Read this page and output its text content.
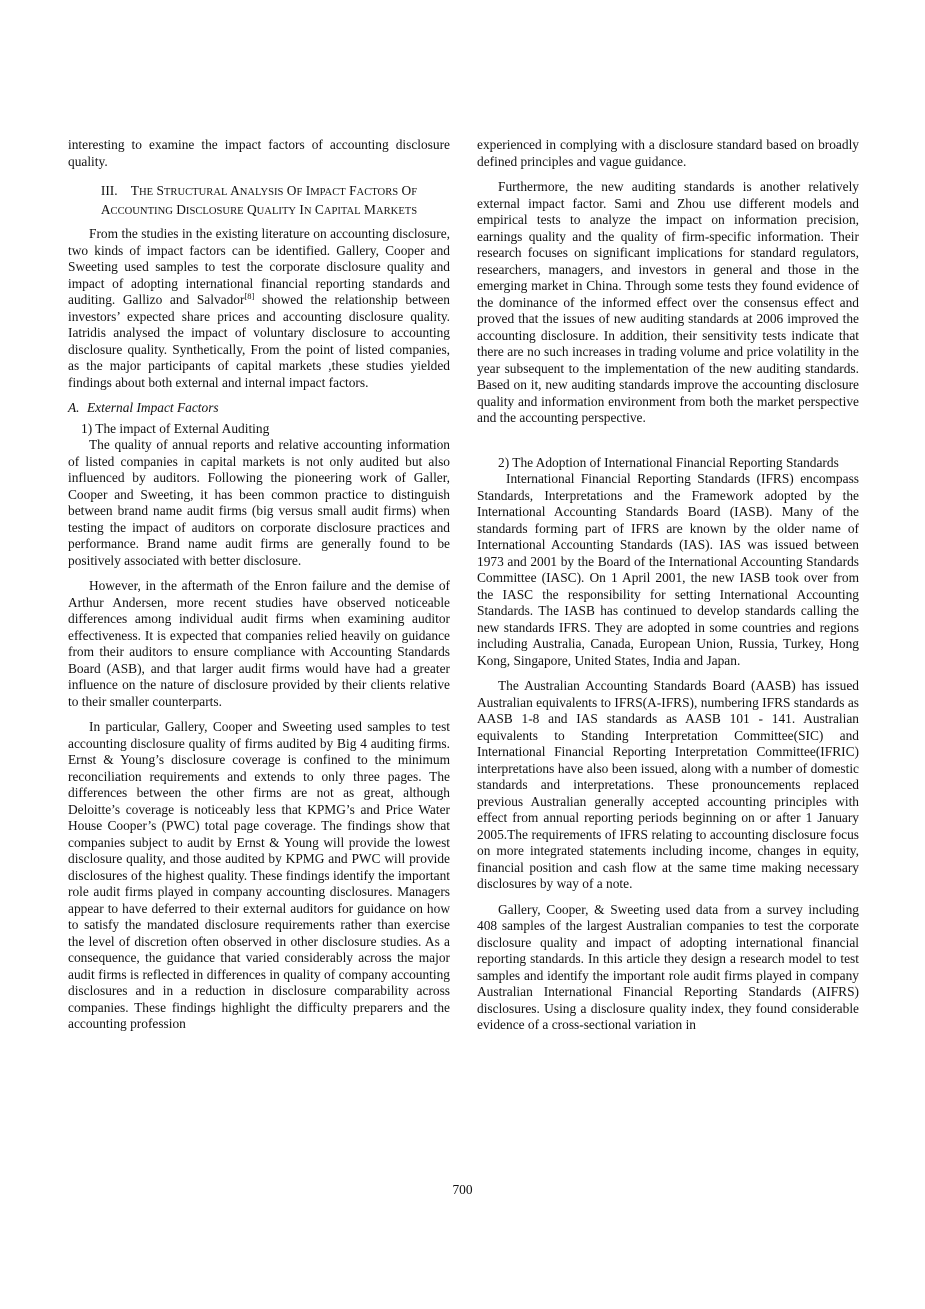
interesting to examine the impact factors of accounting disclosure quality.

III. THE STRUCTURAL ANALYSIS OF IMPACT FACTORS OF
ACCOUNTING DISCLOSURE QUALITY IN CAPITAL MARKETS

From the studies in the existing literature on accounting disclosure, two kinds of impact factors can be identified. Gallery, Cooper and Sweeting used samples to test the corporate disclosure quality and impact of adopting international financial reporting standards and auditing. Gallizo and Salvador[8] showed the relationship between investors’ expected share prices and accounting disclosure quality. Iatridis analysed the impact of voluntary disclosure to accounting disclosure quality. Synthetically, From the point of listed companies, as the major participants of capital markets ,these studies yielded findings about both external and internal impact factors.

A. External Impact Factors
1) The impact of External Auditing

The quality of annual reports and relative accounting information of listed companies in capital markets is not only audited but also influenced by auditors. Following the pioneering work of Galler, Cooper and Sweeting, it has been common practice to distinguish between brand name audit firms (big versus small audit firms) when testing the impact of auditors on corporate disclosure practices and performance. Brand name audit firms are generally found to be positively associated with better disclosure.

However, in the aftermath of the Enron failure and the demise of Arthur Andersen, more recent studies have observed noticeable differences among individual audit firms when examining auditor effectiveness. It is expected that companies relied heavily on guidance from their auditors to ensure compliance with Accounting Standards Board (ASB), and that larger audit firms would have had a greater influence on the nature of disclosure provided by their clients relative to their smaller counterparts.

In particular, Gallery, Cooper and Sweeting used samples to test accounting disclosure quality of firms audited by Big 4 auditing firms. Ernst & Young’s disclosure coverage is confined to the minimum reconciliation requirements and extends to only three pages. The differences between the other firms are not as great, although Deloitte’s coverage is noticeably less that KPMG’s and Price Water House Cooper’s (PWC) total page coverage. The findings show that companies subject to audit by Ernst & Young will provide the lowest disclosure quality, and those audited by KPMG and PWC will provide disclosures of the highest quality. These findings identify the important role audit firms played in company accounting disclosures. Managers appear to have deferred to their external auditors for guidance on how to satisfy the mandated disclosure requirements rather than exercise the level of discretion often observed in other disclosure studies. As a consequence, the guidance that varied considerably across the major audit firms is reflected in differences in quality of company accounting disclosures and in a reduction in disclosure comparability across companies. These findings highlight the difficulty preparers and the accounting profession

experienced in complying with a disclosure standard based on broadly defined principles and vague guidance.

Furthermore, the new auditing standards is another relatively external impact factor. Sami and Zhou use different models and empirical tests to analyze the impact on information precision, earnings quality and the quality of firm-specific information. Their research focuses on significant implications for standard regulators, researchers, managers, and investors in general and those in the emerging market in China. Through some tests they found evidence of the dominance of the informed effect over the consensus effect and proved that the issues of new auditing standards at 2006 improved the accounting disclosure. In addition, their sensitivity tests indicate that there are no such increases in trading volume and price volatility in the year subsequent to the implementation of the new auditing standards. Based on it, new auditing standards improve the accounting disclosure quality and information environment from both the market perspective and the accounting perspective.

2) The Adoption of International Financial Reporting Standards

International Financial Reporting Standards (IFRS) encompass Standards, Interpretations and the Framework adopted by the International Accounting Standards Board (IASB). Many of the standards forming part of IFRS are known by the older name of International Accounting Standards (IAS). IAS was issued between 1973 and 2001 by the Board of the International Accounting Standards Committee (IASC). On 1 April 2001, the new IASB took over from the IASC the responsibility for setting International Accounting Standards. The IASB has continued to develop standards calling the new standards IFRS. They are adopted in some countries and regions including Australia, Canada, European Union, Russia, Turkey, Hong Kong, Singapore, United States, India and Japan.

The Australian Accounting Standards Board (AASB) has issued Australian equivalents to IFRS(A-IFRS), numbering IFRS standards as AASB 1-8 and IAS standards as AASB 101 - 141. Australian equivalents to Standing Interpretation Committee(SIC) and International Financial Reporting Interpretation Committee(IFRIC) interpretations have also been issued, along with a number of domestic standards and interpretations. These pronouncements replaced previous Australian generally accepted accounting principles with effect from annual reporting periods beginning on or after 1 January 2005.The requirements of IFRS relating to accounting disclosure focus on more integrated statements including income, changes in equity, financial position and cash flow at the same time making necessary disclosures by way of a note.

Gallery, Cooper, & Sweeting used data from a survey including 408 samples of the largest Australian companies to test the corporate disclosure quality and impact of adopting international financial reporting standards. In this article they design a research model to test samples and identify the important role audit firms played in company Australian International Financial Reporting Standards (AIFRS) disclosures. Using a disclosure quality index, they found considerable evidence of a cross-sectional variation in

700
